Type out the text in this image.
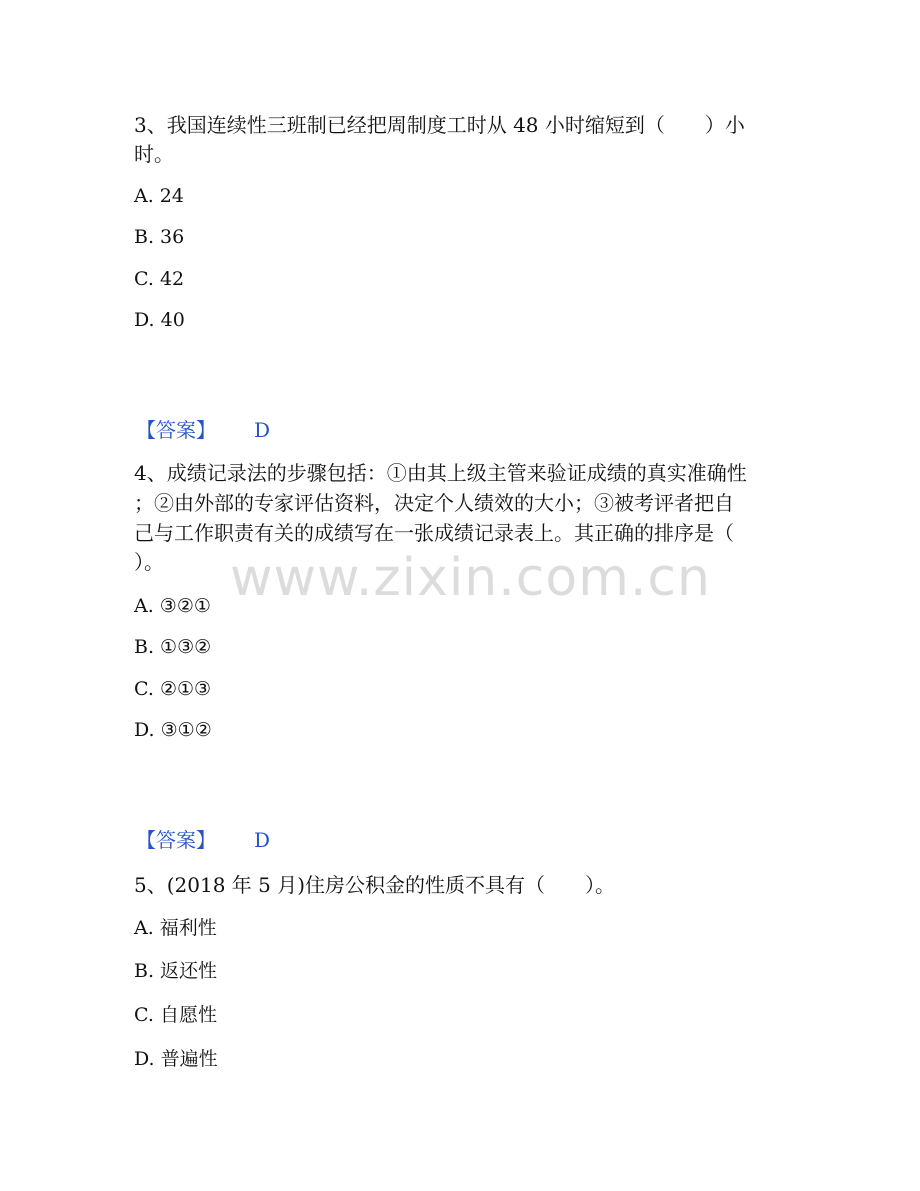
www.zixin.com.cn
3、我国连续性三班制已经把周制度工时从 48 小时缩短到（　　）小
时。
A. 24
B. 36
C. 42
D. 40
【答案】 D
4、成绩记录法的步骤包括：①由其上级主管来验证成绩的真实准确性
；②由外部的专家评估资料，决定个人绩效的大小；③被考评者把自
己与工作职责有关的成绩写在一张成绩记录表上。其正确的排序是（
）。
A. ③②①
B. ①③②
C. ②①③
D. ③①②
【答案】 D
5、(2018 年 5 月)住房公积金的性质不具有（　　）。
A. 福利性
B. 返还性
C. 自愿性
D. 普遍性
